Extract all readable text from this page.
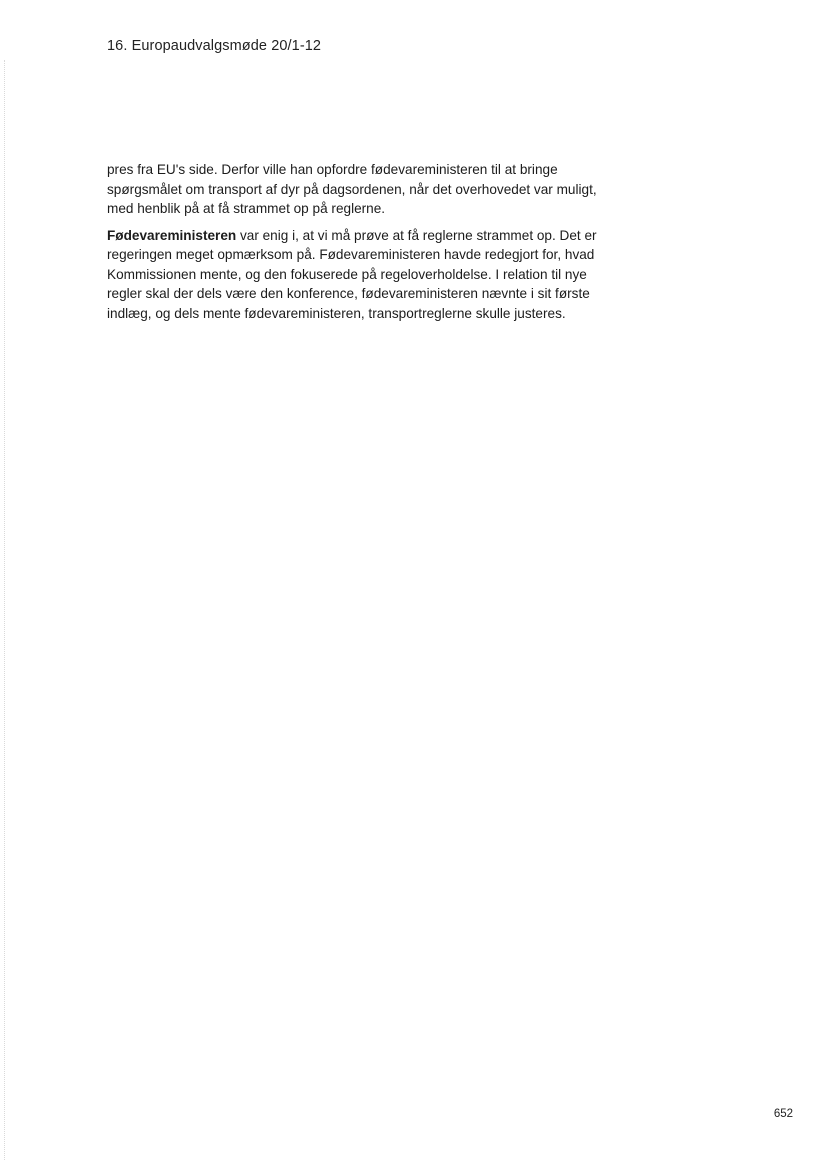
16. Europaudvalgsmøde 20/1-12

pres fra EU's side. Derfor ville han opfordre fødevareministeren til at bringe
spørgsmålet om transport af dyr på dagsordenen, når det overhovedet var muligt,
med henblik på at få strammet op på reglerne.

Fødevareministeren var enig i, at vi må prøve at få reglerne strammet op. Det er
regeringen meget opmærksom på. Fødevareministeren havde redegjort for, hvad
Kommissionen mente, og den fokuserede på regeloverholdelse. I relation til nye
regler skal der dels være den konference, fødevareministeren nævnte i sit første
indlæg, og dels mente fødevareministeren, transportreglerne skulle justeres.

652
